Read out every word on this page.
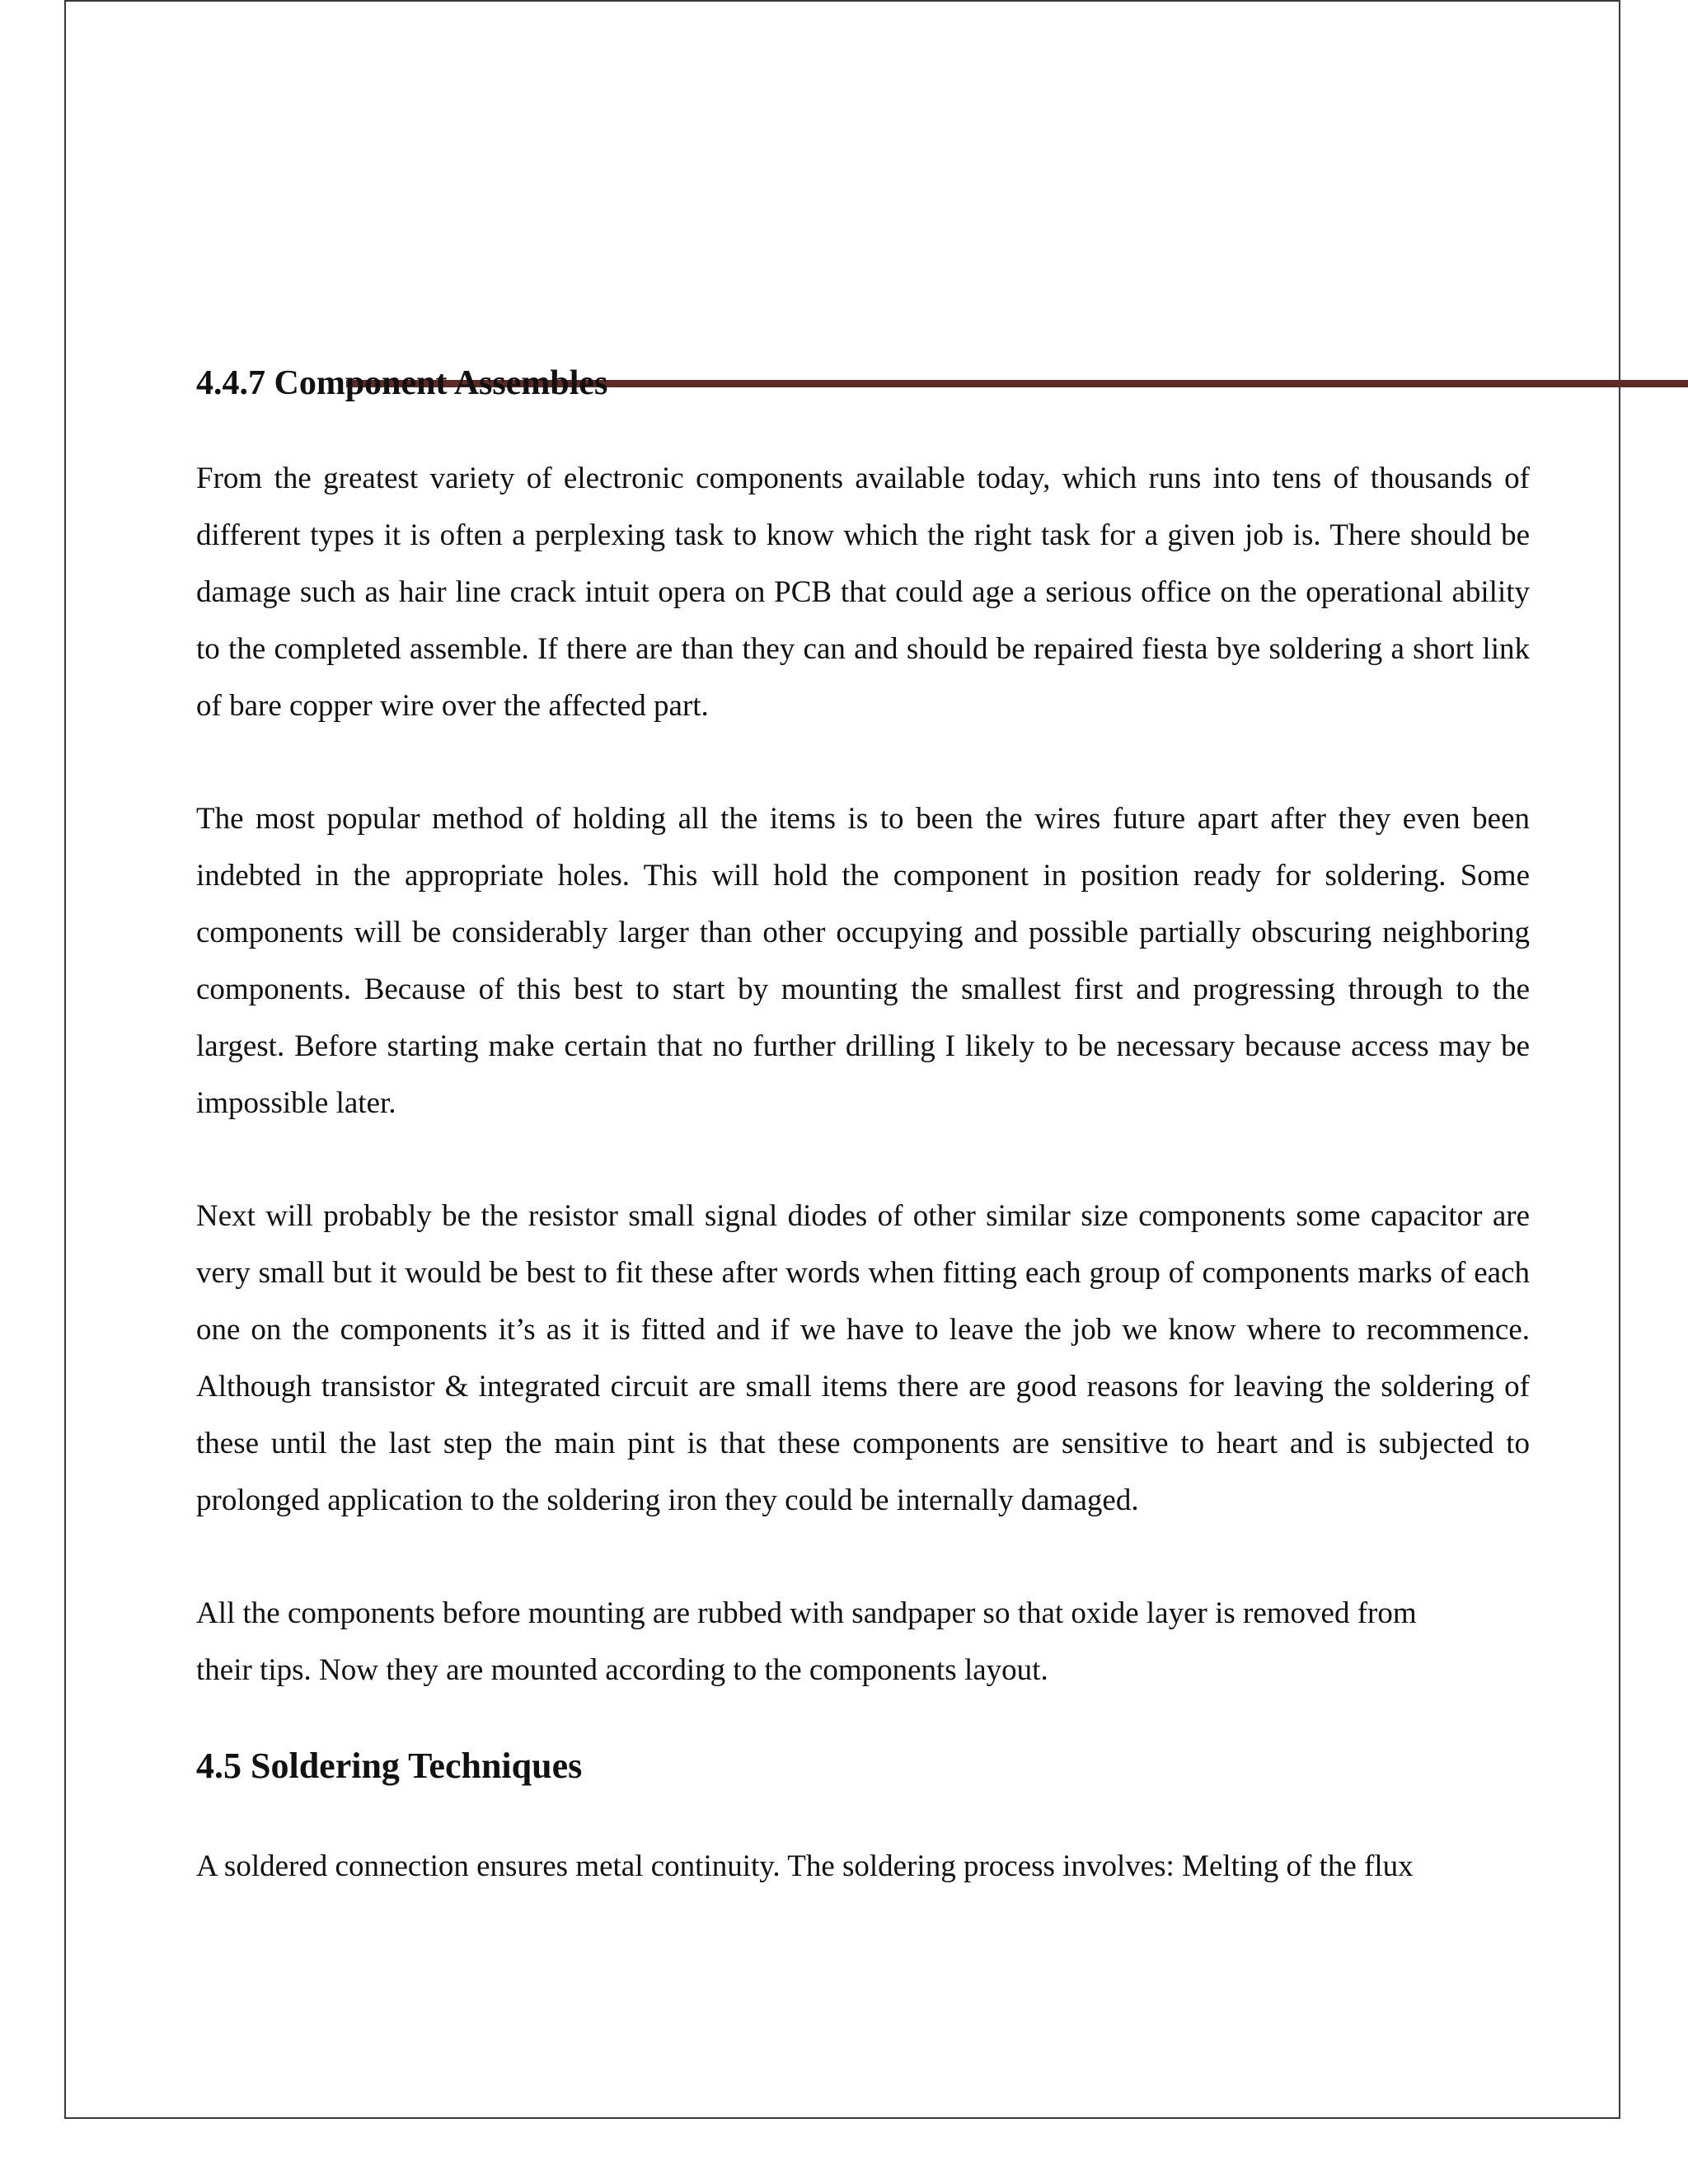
4.4.7 Component Assembles

From the greatest variety of electronic components available today, which runs into tens of thousands of different types it is often a perplexing task to know which the right task for a given job is. There should be damage such as hair line crack intuit opera on PCB that could age a serious office on the operational ability to the completed assemble. If there are than they can and should be repaired fiesta bye soldering a short link of bare copper wire over the affected part.

The most popular method of holding all the items is to been the wires future apart after they even been indebted in the appropriate holes. This will hold the component in position ready for soldering. Some components will be considerably larger than other occupying and possible partially obscuring neighboring components. Because of this best to start by mounting the smallest first and progressing through to the largest. Before starting make certain that no further drilling I likely to be necessary because access may be impossible later.

Next will probably be the resistor small signal diodes of other similar size components some capacitor are very small but it would be best to fit these after words when fitting each group of components marks of each one on the components it’s as it is fitted and if we have to leave the job we know where to recommence. Although transistor & integrated circuit are small items there are good reasons for leaving the soldering of these until the last step the main pint is that these components are sensitive to heart and is subjected to prolonged application to the soldering iron they could be internally damaged.

All the components before mounting are rubbed with sandpaper so that oxide layer is removed from their tips. Now they are mounted according to the components layout.

4.5 Soldering Techniques

A soldered connection ensures metal continuity. The soldering process involves: Melting of the flux
